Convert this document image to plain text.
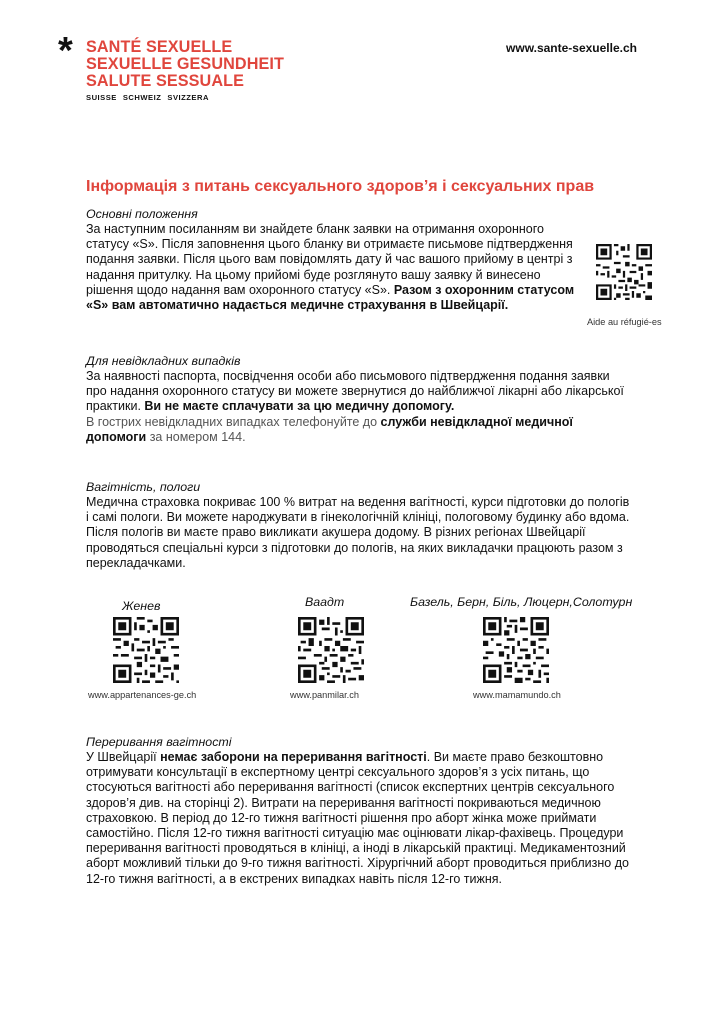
* SANTÉ SEXUELLE
SEXUELLE GESUNDHEIT
SALUTE SESSUALE
SUISSE SCHWEIZ SVIZZERA
www.sante-sexuelle.ch
Інформація з питань сексуального здоров’я і сексуальних прав
Основні положення
За наступним посиланням ви знайдете бланк заявки на отримання охоронного статусу «S». Після заповнення цього бланку ви отримаєте письмове підтвердження подання заявки. Після цього вам повідомлять дату й час вашого прийому в центрі з надання притулку. На цьому прийомі буде розглянуто вашу заявку й винесено рішення щодо надання вам охоронного статусу «S». Разом з охоронним статусом «S» вам автоматично надається медичне страхування в Швейцарії.
Aide au réfugié-es
Для невідкладних випадків
За наявності паспорта, посвідчення особи або письмового підтвердження подання заявки про надання охоронного статусу ви можете звернутися до найближчої лікарні або лікарської практики. Ви не маєте сплачувати за цю медичну допомогу.
В гострих невідкладних випадках телефонуйте до служби невідкладної медичної допомоги за номером 144.
Вагітність, пологи
Медична страховка покриває 100 % витрат на ведення вагітності, курси підготовки до пологів і самі пологи. Ви можете народжувати в гінекологічній клініці, пологовому будинку або вдома. Після пологів ви маєте право викликати акушера додому. В різних регіонах Швейцарії проводяться спеціальні курси з підготовки до пологів, на яких викладачки працюють разом з перекладачками.
Женев	Ваадт	Базель, Берн, Біль, Люцерн,Солотурн
www.appartenances-ge.ch	www.panmilar.ch	www.mamamundo.ch
Переривання вагітності
У Швейцарії немає заборони на переривання вагітності. Ви маєте право безкоштовно отримувати консультації в експертному центрі сексуального здоров’я з усіх питань, що стосуються вагітності або переривання вагітності (список експертних центрів сексуального здоров’я див. на сторінці 2). Витрати на переривання вагітності покриваються медичною страховкою. В період до 12-го тижня вагітності рішення про аборт жінка може приймати самостійно. Після 12-го тижня вагітності ситуацію має оцінювати лікар-фахівець. Процедури переривання вагітності проводяться в клініці, а іноді в лікарській практиці. Медикаментозний аборт можливий тільки до 9-го тижня вагітності. Хірургічний аборт проводиться приблизно до 12-го тижня вагітності, а в екстрених випадках навіть після 12-го тижня.
